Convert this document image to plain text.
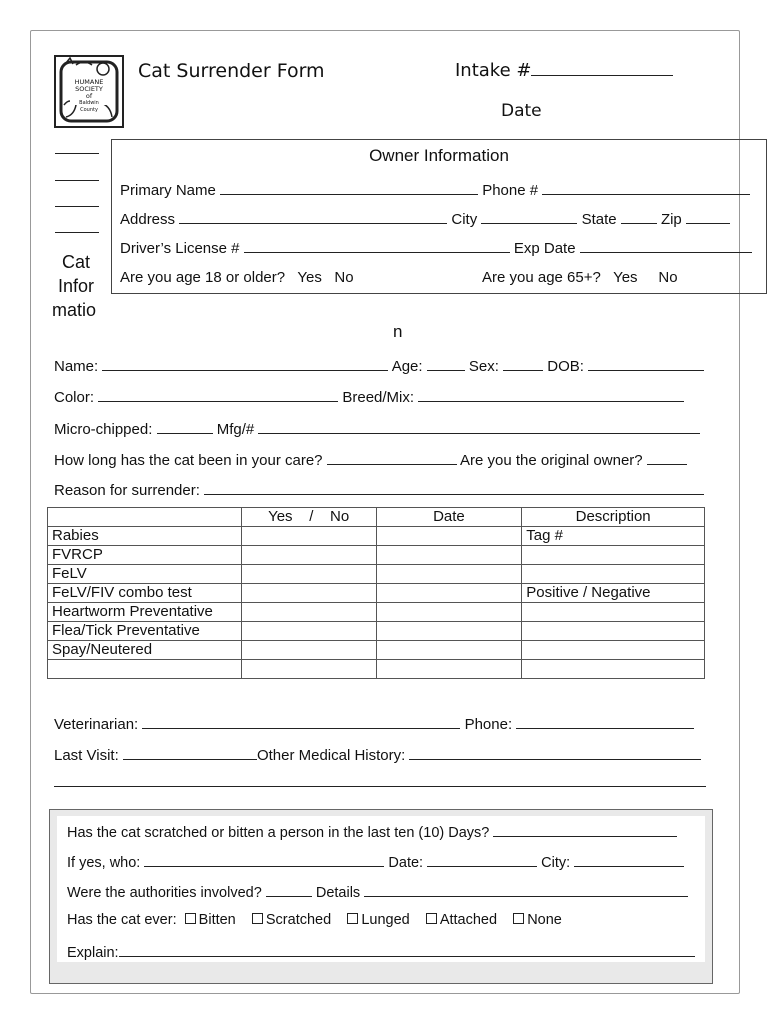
HUMANE
SOCIETY
of
Baldwin County
Cat Surrender Form	Intake #
Date
Cat
Infor
matio
Owner Information
Primary Name	Phone #
Address	City	State	Zip
Driver’s License #	Exp Date
Are you age 18 or older? Yes No	Are you age 65+? Yes No
n
Name:	Age:	Sex:	DOB:
Color:	Breed/Mix:
Micro-chipped:	Mfg/#
How long has the cat been in your care?	Are you the original owner?
Reason for surrender:
	Yes    /    No	Date	Description
Rabies			Tag #
FVRCP			
FeLV			
FeLV/FIV combo test			Positive / Negative
Heartworm Preventative			
Flea/Tick Preventative			
Spay/Neutered			

Veterinarian:	Phone:
Last Visit:	Other Medical History:
Has the cat scratched or bitten a person in the last ten (10) Days?
If yes, who:	Date:	City:
Were the authorities involved?	Details
Has the cat ever: Bitten Scratched Lunged Attached None
Explain:
